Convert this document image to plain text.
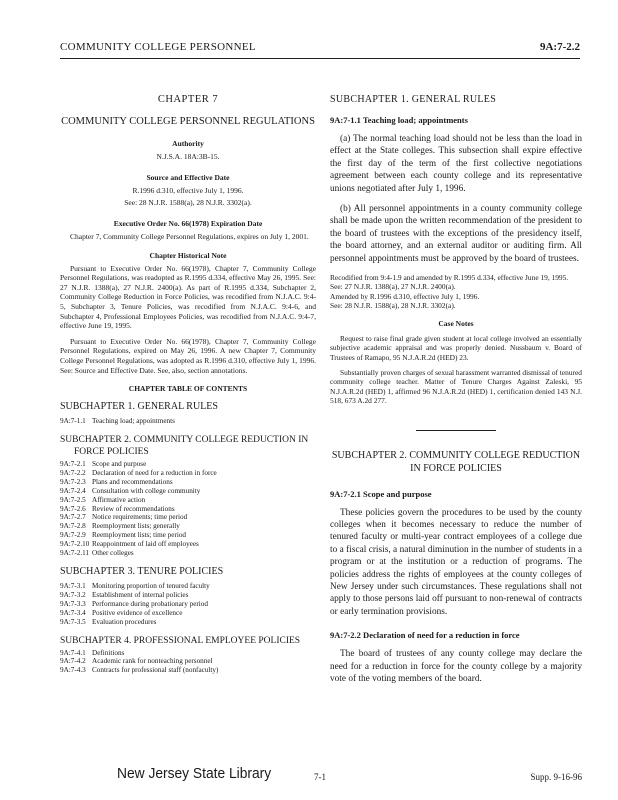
COMMUNITY COLLEGE PERSONNEL	9A:7-2.2

CHAPTER 7

COMMUNITY COLLEGE PERSONNEL REGULATIONS

Authority

N.J.S.A. 18A:3B-15.

Source and Effective Date

R.1996 d.310, effective July 1, 1996.

See: 28 N.J.R. 1588(a), 28 N.J.R. 3302(a).

Executive Order No. 66(1978) Expiration Date

Chapter 7, Community College Personnel Regulations, expires on July 1, 2001.

Chapter Historical Note

Pursuant to Executive Order No. 66(1978), Chapter 7, Community College Personnel Regulations, was readopted as R.1995 d.334, effective May 26, 1995. See: 27 N.J.R. 1388(a), 27 N.J.R. 2400(a). As part of R.1995 d.334, Subchapter 2, Community College Reduction in Force Policies, was recodified from N.J.A.C. 9:4-5, Subchapter 3, Tenure Policies, was recodified from N.J.A.C. 9:4-6, and Subchapter 4, Professional Employees Policies, was recodified from N.J.A.C. 9:4-7, effective June 19, 1995.

Pursuant to Executive Order No. 66(1978), Chapter 7, Community College Personnel Regulations, expired on May 26, 1996. A new Chapter 7, Community College Personnel Regulations, was adopted as R.1996 d.310, effective July 1, 1996. See: Source and Effective Date. See, also, section annotations.

CHAPTER TABLE OF CONTENTS

SUBCHAPTER 1. GENERAL RULES

9A:7-1.1 Teaching load; appointments

SUBCHAPTER 2. COMMUNITY COLLEGE REDUCTION IN FORCE POLICIES

9A:7-2.1 Scope and purpose
9A:7-2.2 Declaration of need for a reduction in force
9A:7-2.3 Plans and recommendations
9A:7-2.4 Consultation with college community
9A:7-2.5 Affirmative action
9A:7-2.6 Review of recommendations
9A:7-2.7 Notice requirements; time period
9A:7-2.8 Reemployment lists; generally
9A:7-2.9 Reemployment lists; time period
9A:7-2.10 Reappointment of laid off employees
9A:7-2.11 Other colleges

SUBCHAPTER 3. TENURE POLICIES

9A:7-3.1 Monitoring proportion of tenured faculty
9A:7-3.2 Establishment of internal policies
9A:7-3.3 Performance during probationary period
9A:7-3.4 Positive evidence of excellence
9A:7-3.5 Evaluation procedures

SUBCHAPTER 4. PROFESSIONAL EMPLOYEE POLICIES

9A:7-4.1 Definitions
9A:7-4.2 Academic rank for nonteaching personnel
9A:7-4.3 Contracts for professional staff (nonfaculty)

SUBCHAPTER 1. GENERAL RULES

9A:7-1.1 Teaching load; appointments

(a) The normal teaching load should not be less than the load in effect at the State colleges. This subsection shall expire effective the first day of the term of the first collective negotiations agreement between each county college and its representative unions negotiated after July 1, 1996.

(b) All personnel appointments in a county community college shall be made upon the written recommendation of the president to the board of trustees with the exceptions of the presidency itself, the board attorney, and an external auditor or auditing firm. All personnel appointments must be approved by the board of trustees.

Recodified from 9:4-1.9 and amended by R.1995 d.334, effective June 19, 1995.

See: 27 N.J.R. 1388(a), 27 N.J.R. 2400(a).

Amended by R.1996 d.310, effective July 1, 1996.

See: 28 N.J.R. 1588(a), 28 N.J.R. 3302(a).

Case Notes

Request to raise final grade given student at local college involved an essentially subjective academic appraisal and was properly denied. Nussbaum v. Board of Trustees of Ramapo, 95 N.J.A.R.2d (HED) 23.

Substantially proven charges of sexual harassment warranted dismissal of tenured community college teacher. Matter of Tenure Charges Against Zaleski, 95 N.J.A.R.2d (HED) 1, affirmed 96 N.J.A.R.2d (HED) 1, certification denied 143 N.J. 518, 673 A.2d 277.

SUBCHAPTER 2. COMMUNITY COLLEGE REDUCTION IN FORCE POLICIES

9A:7-2.1 Scope and purpose

These policies govern the procedures to be used by the county colleges when it becomes necessary to reduce the number of tenured faculty or multi-year contract employees of a college due to a fiscal crisis, a natural diminution in the number of students in a program or at the institution or a reduction of programs. The policies address the rights of employees at the county colleges of New Jersey under such circumstances. These regulations shall not apply to those persons laid off pursuant to non-renewal of contracts or early termination provisions.

9A:7-2.2 Declaration of need for a reduction in force

The board of trustees of any county college may declare the need for a reduction in force for the county college by a majority vote of the voting members of the board.

New Jersey State Library	7-1	Supp. 9-16-96
